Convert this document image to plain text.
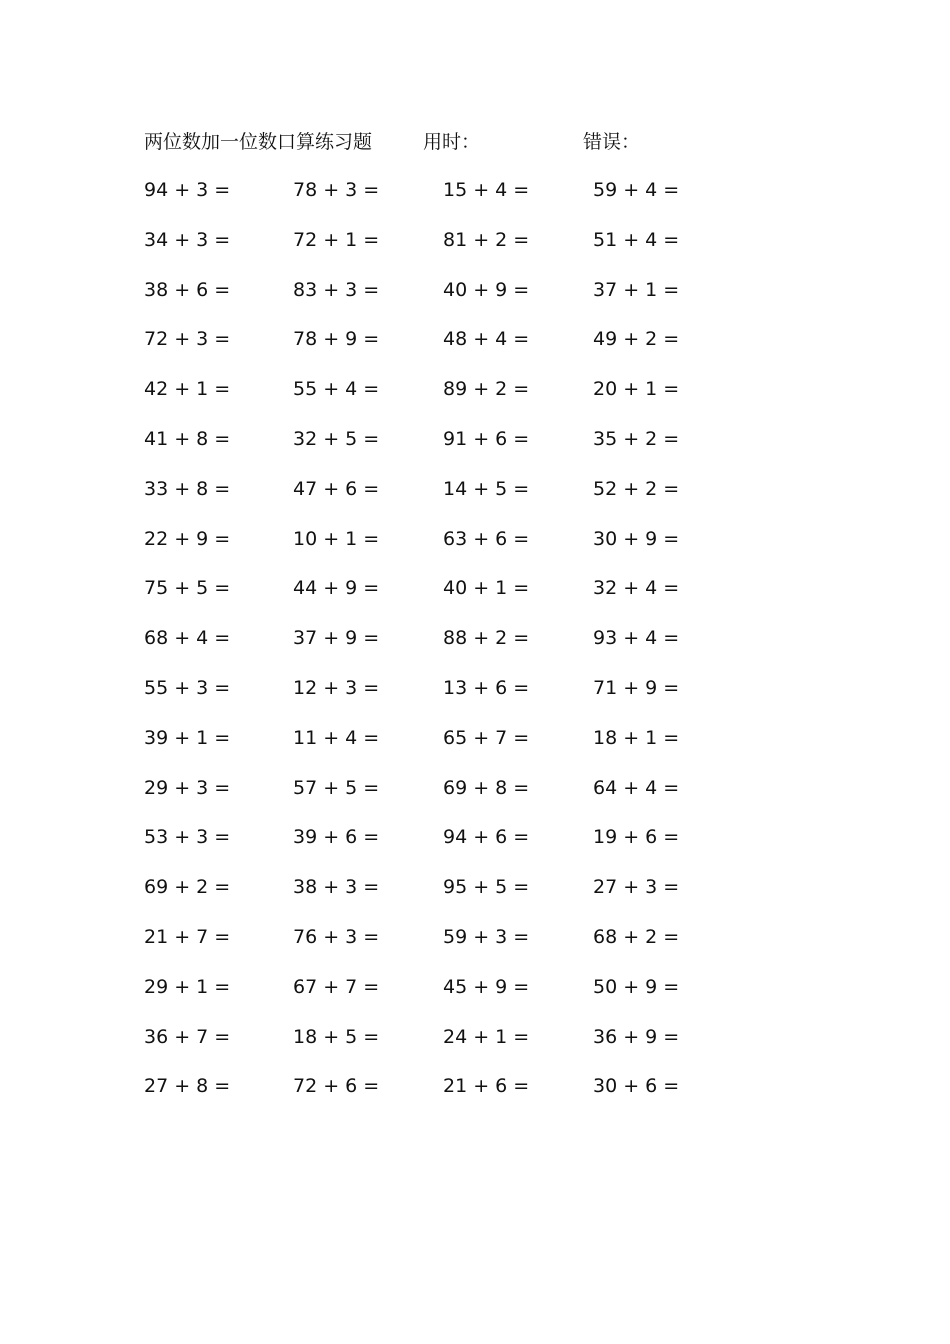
两位数加一位数口算练习题	用时：	错误：
94 + 3 =	78 + 3 =	15 + 4 =	59 + 4 =
34 + 3 =	72 + 1 =	81 + 2 =	51 + 4 =
38 + 6 =	83 + 3 =	40 + 9 =	37 + 1 =
72 + 3 =	78 + 9 =	48 + 4 =	49 + 2 =
42 + 1 =	55 + 4 =	89 + 2 =	20 + 1 =
41 + 8 =	32 + 5 =	91 + 6 =	35 + 2 =
33 + 8 =	47 + 6 =	14 + 5 =	52 + 2 =
22 + 9 =	10 + 1 =	63 + 6 =	30 + 9 =
75 + 5 =	44 + 9 =	40 + 1 =	32 + 4 =
68 + 4 =	37 + 9 =	88 + 2 =	93 + 4 =
55 + 3 =	12 + 3 =	13 + 6 =	71 + 9 =
39 + 1 =	11 + 4 =	65 + 7 =	18 + 1 =
29 + 3 =	57 + 5 =	69 + 8 =	64 + 4 =
53 + 3 =	39 + 6 =	94 + 6 =	19 + 6 =
69 + 2 =	38 + 3 =	95 + 5 =	27 + 3 =
21 + 7 =	76 + 3 =	59 + 3 =	68 + 2 =
29 + 1 =	67 + 7 =	45 + 9 =	50 + 9 =
36 + 7 =	18 + 5 =	24 + 1 =	36 + 9 =
27 + 8 =	72 + 6 =	21 + 6 =	30 + 6 =
